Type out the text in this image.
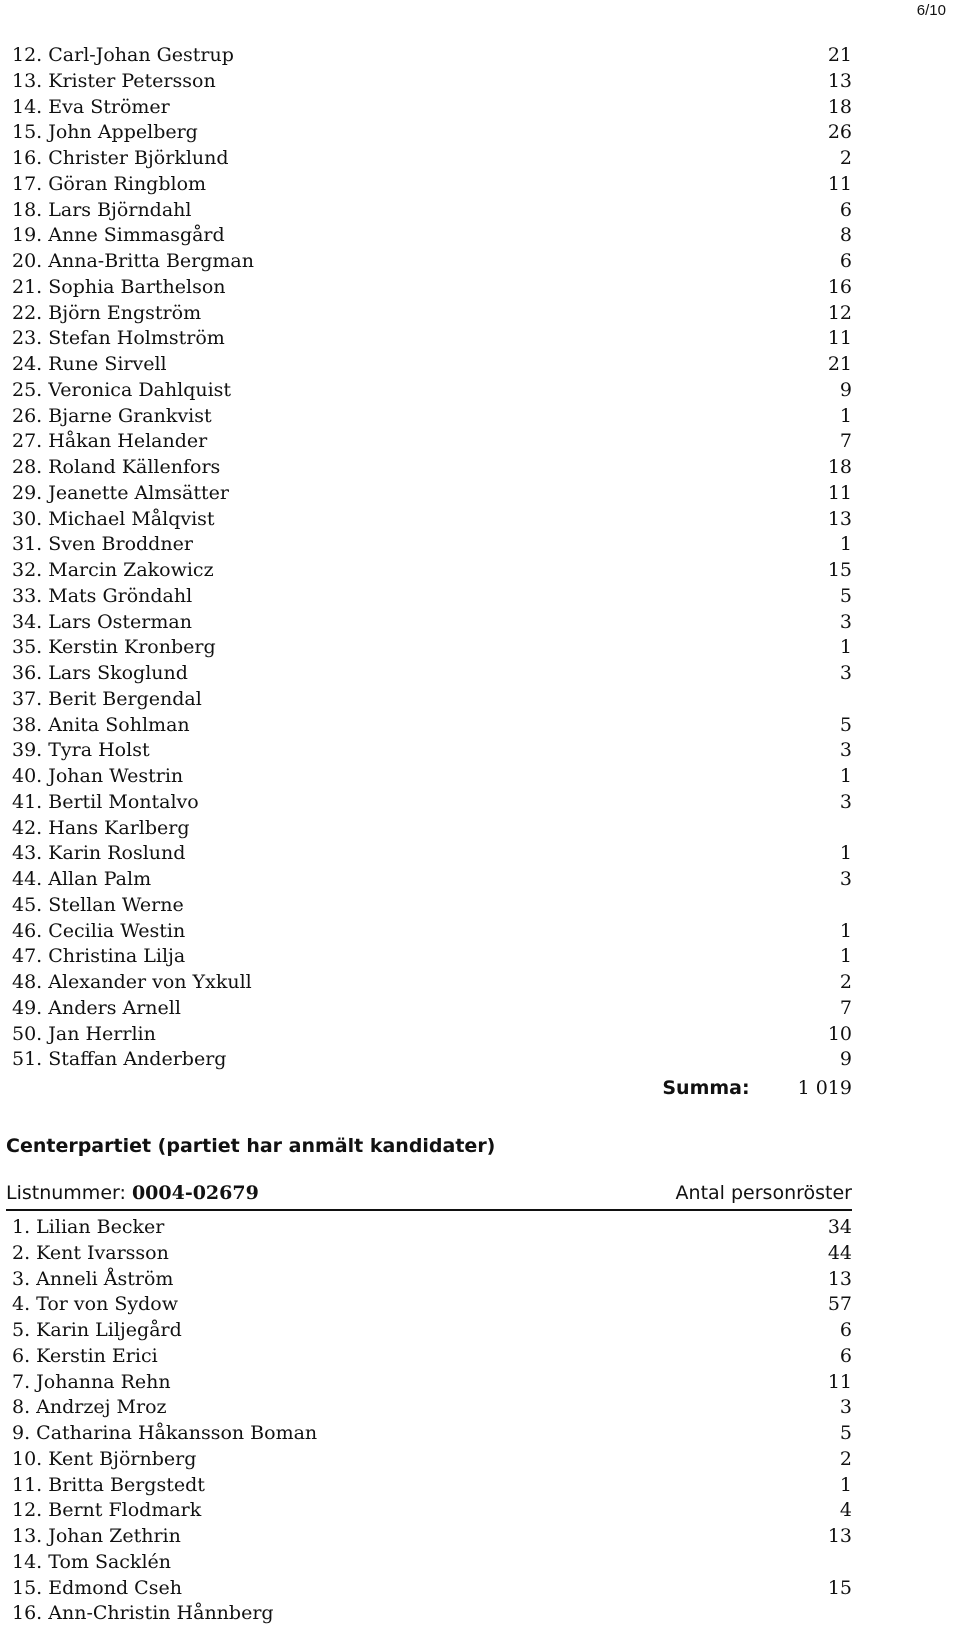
6/10
12. Carl-Johan Gestrup	21
13. Krister Petersson	13
14. Eva Strömer	18
15. John Appelberg	26
16. Christer Björklund	2
17. Göran Ringblom	11
18. Lars Björndahl	6
19. Anne Simmasgård	8
20. Anna-Britta Bergman	6
21. Sophia Barthelson	16
22. Björn Engström	12
23. Stefan Holmström	11
24. Rune Sirvell	21
25. Veronica Dahlquist	9
26. Bjarne Grankvist	1
27. Håkan Helander	7
28. Roland Källenfors	18
29. Jeanette Almsätter	11
30. Michael Målqvist	13
31. Sven Broddner	1
32. Marcin Zakowicz	15
33. Mats Gröndahl	5
34. Lars Osterman	3
35. Kerstin Kronberg	1
36. Lars Skoglund	3
37. Berit Bergendal
38. Anita Sohlman	5
39. Tyra Holst	3
40. Johan Westrin	1
41. Bertil Montalvo	3
42. Hans Karlberg
43. Karin Roslund	1
44. Allan Palm	3
45. Stellan Werne
46. Cecilia Westin	1
47. Christina Lilja	1
48. Alexander von Yxkull	2
49. Anders Arnell	7
50. Jan Herrlin	10
51. Staffan Anderberg	9
Summa:	1 019
Centerpartiet (partiet har anmält kandidater)
Listnummer: 0004-02679	Antal personröster
1. Lilian Becker	34
2. Kent Ivarsson	44
3. Anneli Åström	13
4. Tor von Sydow	57
5. Karin Liljegård	6
6. Kerstin Erici	6
7. Johanna Rehn	11
8. Andrzej Mroz	3
9. Catharina Håkansson Boman	5
10. Kent Björnberg	2
11. Britta Bergstedt	1
12. Bernt Flodmark	4
13. Johan Zethrin	13
14. Tom Sacklén
15. Edmond Cseh	15
16. Ann-Christin Hånnberg
